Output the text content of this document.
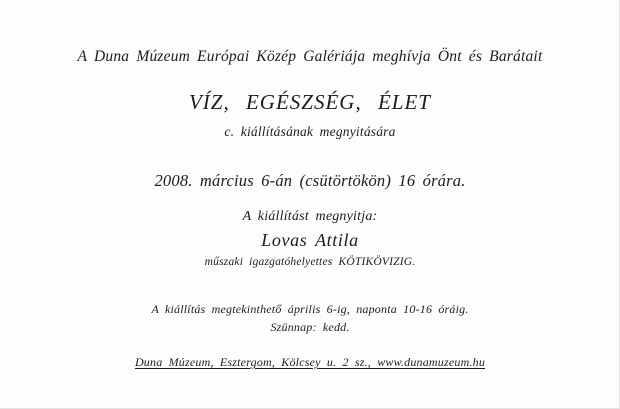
A Duna Múzeum Európai Közép Galériája meghívja Önt és Barátait
VÍZ, EGÉSZSÉG, ÉLET
c. kiállításának megnyitására
2008. március 6-án (csütörtökön) 16 órára.
A kiállítást megnyitja:
Lovas Attila
műszaki igazgatóhelyettes KÖTIKÖVIZIG.
A kiállítás megtekinthető április 6-ig, naponta 10-16 óráig.
Szünnap: kedd.
Duna Múzeum, Esztergom, Kölcsey u. 2 sz., www.dunamuzeum.hu
